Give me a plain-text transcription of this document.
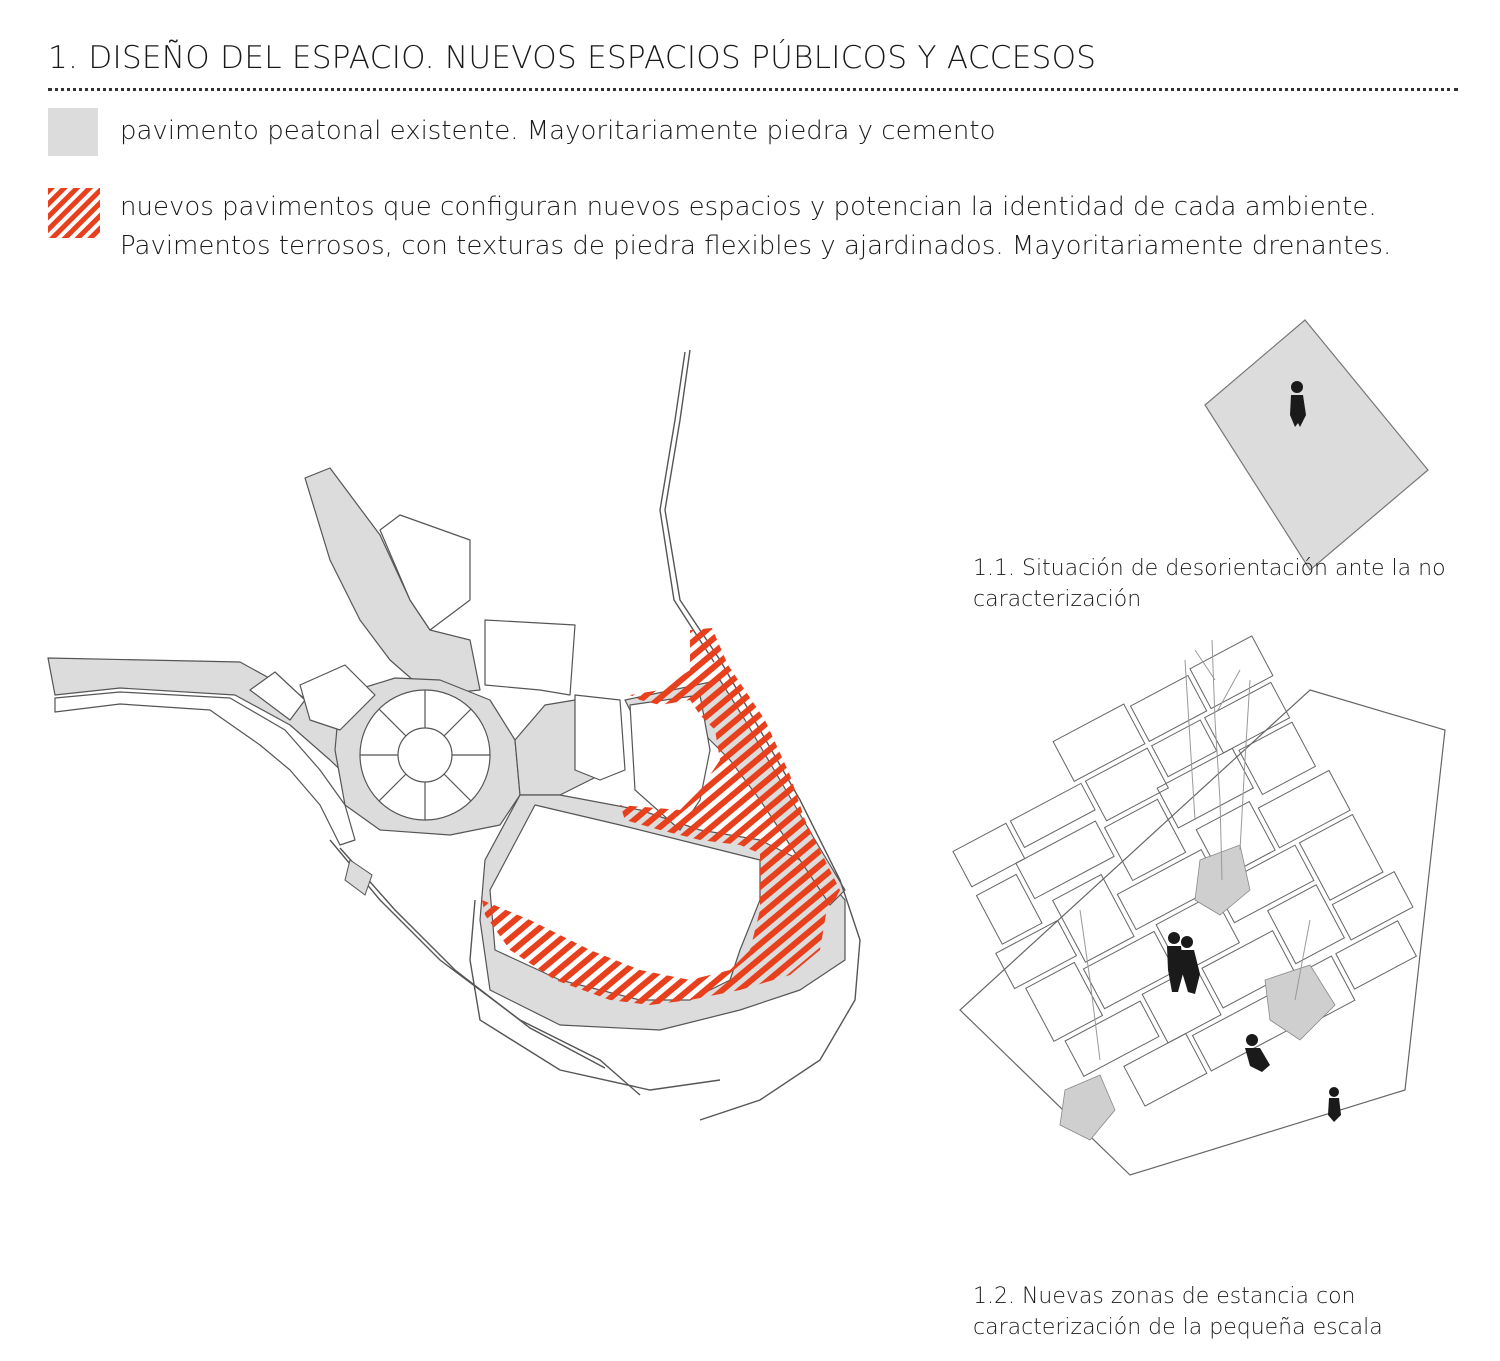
1. DISEÑO DEL ESPACIO. NUEVOS ESPACIOS PÚBLICOS Y ACCESOS
pavimento peatonal existente. Mayoritariamente piedra y cemento
nuevos pavimentos que configuran nuevos espacios y potencian la identidad de cada ambiente.
Pavimentos terrosos, con texturas de piedra flexibles y ajardinados. Mayoritariamente drenantes.
1.1. Situación de desorientación ante la no
caracterización
1.2. Nuevas zonas de estancia con
caracterización de la pequeña escala
